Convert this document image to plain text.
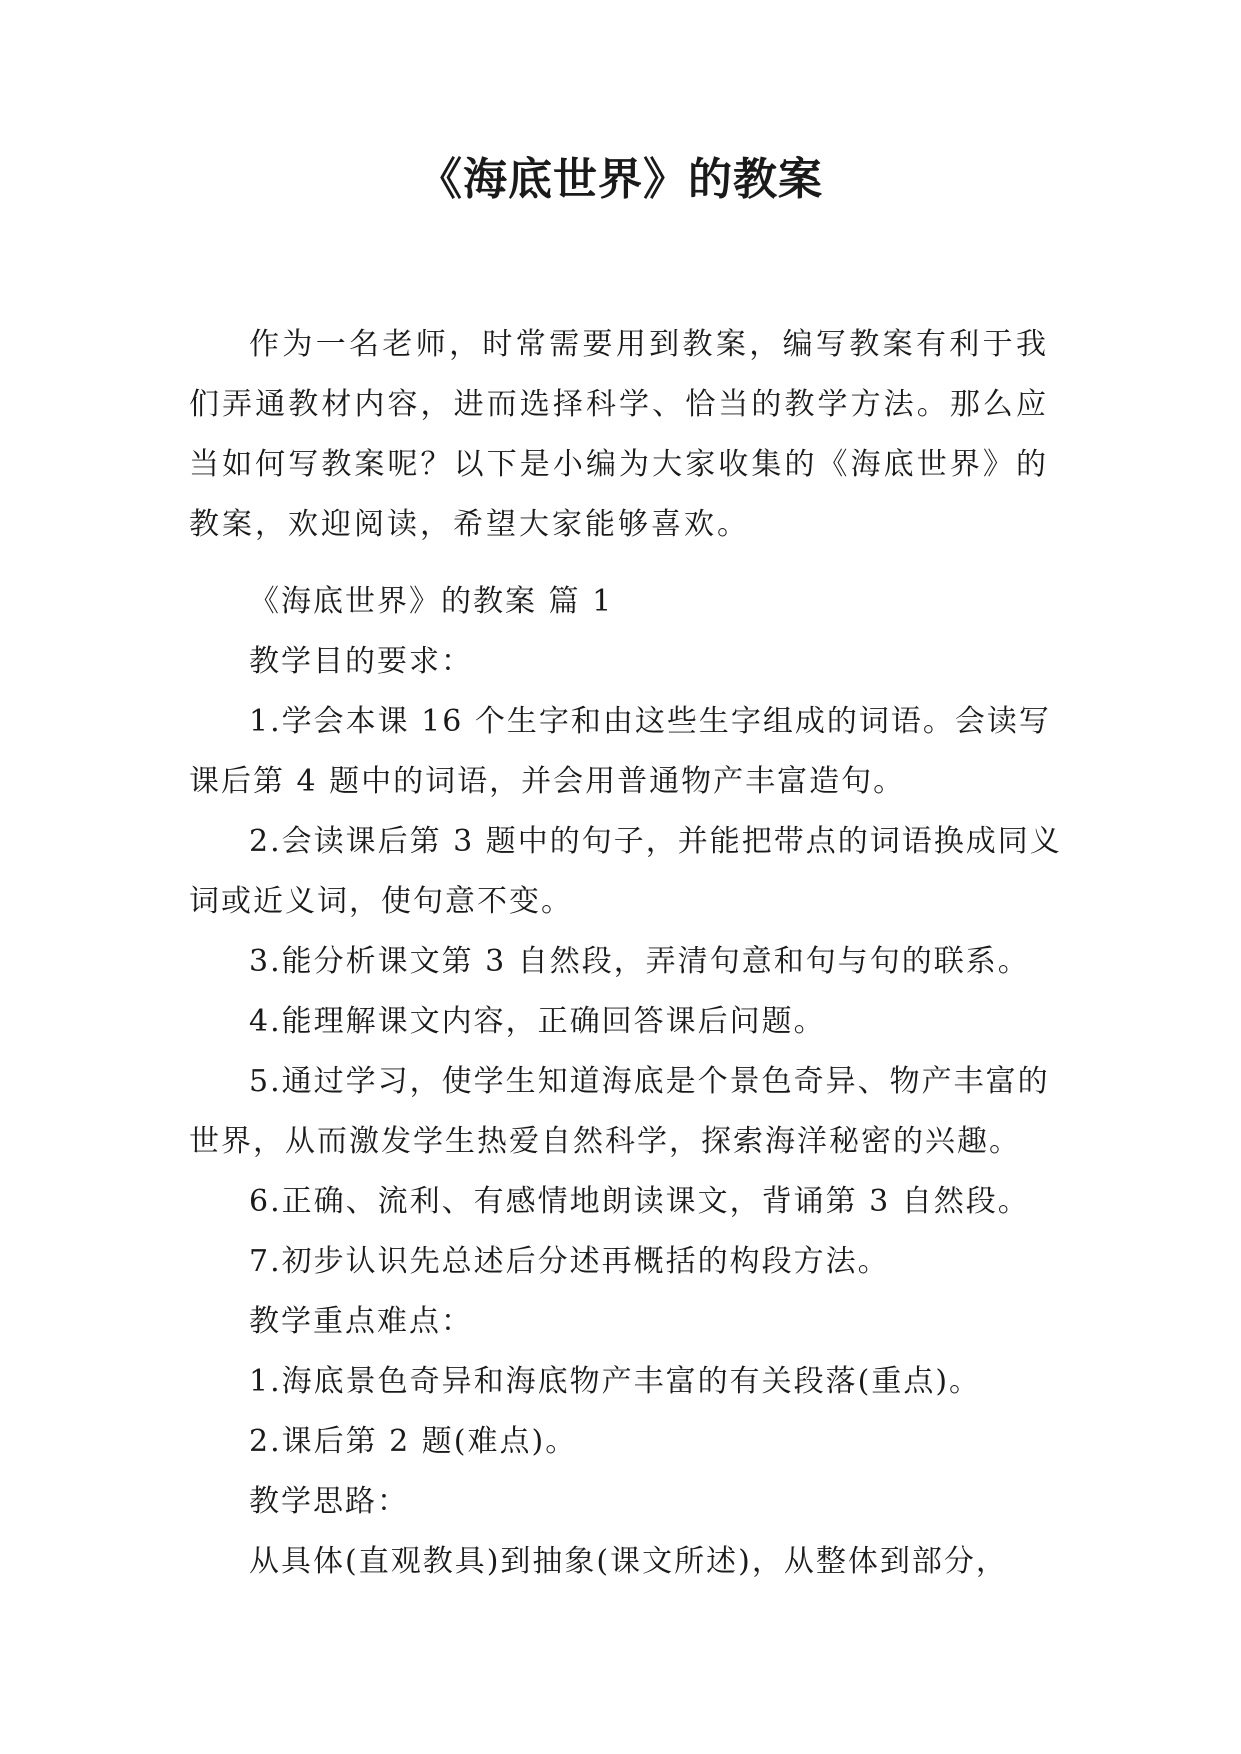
《海底世界》的教案

作为一名老师，时常需要用到教案，编写教案有利于我们弄通教材内容，进而选择科学、恰当的教学方法。那么应当如何写教案呢？以下是小编为大家收集的《海底世界》的教案，欢迎阅读，希望大家能够喜欢。

《海底世界》的教案 篇 1

教学目的要求：

1.学会本课 16 个生字和由这些生字组成的词语。会读写课后第 4 题中的词语，并会用普通物产丰富造句。

2.会读课后第 3 题中的句子，并能把带点的词语换成同义词或近义词，使句意不变。

3.能分析课文第 3 自然段，弄清句意和句与句的联系。

4.能理解课文内容，正确回答课后问题。

5.通过学习，使学生知道海底是个景色奇异、物产丰富的世界，从而激发学生热爱自然科学，探索海洋秘密的兴趣。

6.正确、流利、有感情地朗读课文，背诵第 3 自然段。

7.初步认识先总述后分述再概括的构段方法。

教学重点难点：

1.海底景色奇异和海底物产丰富的有关段落(重点)。

2.课后第 2 题(难点)。

教学思路：

从具体(直观教具)到抽象(课文所述)，从整体到部分，
